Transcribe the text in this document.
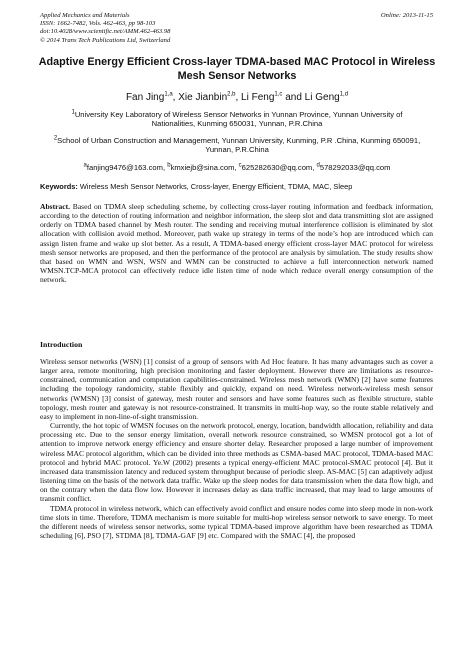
Applied Mechanics and Materials
ISSN: 1662-7482, Vols. 462-463, pp 98-103
doi:10.4028/www.scientific.net/AMM.462-463.98
© 2014 Trans Tech Publications Ltd, Switzerland
Online: 2013-11-15
Adaptive Energy Efficient Cross-layer TDMA-based MAC Protocol in Wireless Mesh Sensor Networks
Fan Jing$^{1,a}$, Xie Jianbin$^{2,b}$, Li Feng$^{1,c}$ and Li Geng$^{1,d}$
$^1$University Key Laboratory of Wireless Sensor Networks in Yunnan Province, Yunnan University of Nationalities, Kunming 650031, Yunnan, P.R.China
$^2$School of Urban Construction and Management, Yunnan University, Kunming, P.R .China, Kunming 650091, Yunnan, P.R.China
$^a$fanjing9476@163.com, $^b$kmxiejb@sina.com, $^c$625282630@qq.com, $^d$578292033@qq.com
Keywords: Wireless Mesh Sensor Networks, Cross-layer, Energy Efficient, TDMA, MAC, Sleep
Abstract. Based on TDMA sleep scheduling scheme, by collecting cross-layer routing information and feedback information, according to the detection of routing information and neighbor information, the sleep slot and data transmitting slot are assigned orderly on TDMA based channel by Mesh router. The sending and receiving mutual interference collision is eliminated by slot allocation with collision avoid method. Moreover, path wake up strategy in terms of the node’s hop are introduced which can assign listen frame and wake up slot better. As a result, A TDMA-based energy efficient cross-layer MAC protocol for wireless mesh sensor networks are proposed, and then the performance of the protocol are analysis by simulation. The study results show that based on WMN and WSN, WSN and WMN can be constructed to achieve a full interconnection network named WMSN.TCP-MCA protocol can effectively reduce idle listen time of node which reduce overall energy consumption of the network.
Introduction

Wireless sensor networks (WSN) [1] consist of a group of sensors with Ad Hoc feature. It has many advantages such as cover a larger area, remote monitoring, high precision monitoring and faster deployment. However there are limitations as resource-constrained, communication and computation capabilities-constrained. Wireless mesh network (WMN) [2] have some features including the topology randomicity, stable flexibly and quickly, expand on need. Wireless network-wireless mesh sensor networks (WMSN) [3] consist of gateway, mesh router and sensors and have some features such as flexible structure, stable topology, mesh router and gateway is not resource-constrained. It transmits in multi-hop way, so the route stable relatively and easy to implement in non-line-of-sight transmission.

Currently, the hot topic of WMSN focuses on the network protocol, energy, location, bandwidth allocation, reliability and data processing etc. Due to the sensor energy limitation, overall network resource constrained, so WMSN protocol got a lot of attention to improve network energy efficiency and ensure shorter delay. Researcher proposed a large number of improvement wireless MAC protocol algorithm, which can be divided into three methods as CSMA-based MAC protocol, TDMA-based MAC protocol and hybrid MAC protocol. Ye.W (2002) presents a typical energy-efficient MAC protocol-SMAC protocol [4]. But it increased data transmission latency and reduced system throughput because of periodic sleep. AS-MAC [5] can adaptively adjust listening time on the basis of the network data traffic. Wake up the sleep nodes for data transmission when the data flow high, and on the contrary when the data flow low. However it increases delay as data traffic increased, that may lead to large amounts of transmit conflict.

TDMA protocol in wireless network, which can effectively avoid conflict and ensure nodes come into sleep mode in non-work time slots in time. Therefore, TDMA mechanism is more suitable for multi-hop wireless sensor network to save energy. To meet the different needs of wireless sensor networks, some typical TDMA-based improve algorithm have been researched as TDMA scheduling [6], PSO [7], STDMA [8], TDMA-GAF [9] etc. Compared with the SMAC [4], the proposed
